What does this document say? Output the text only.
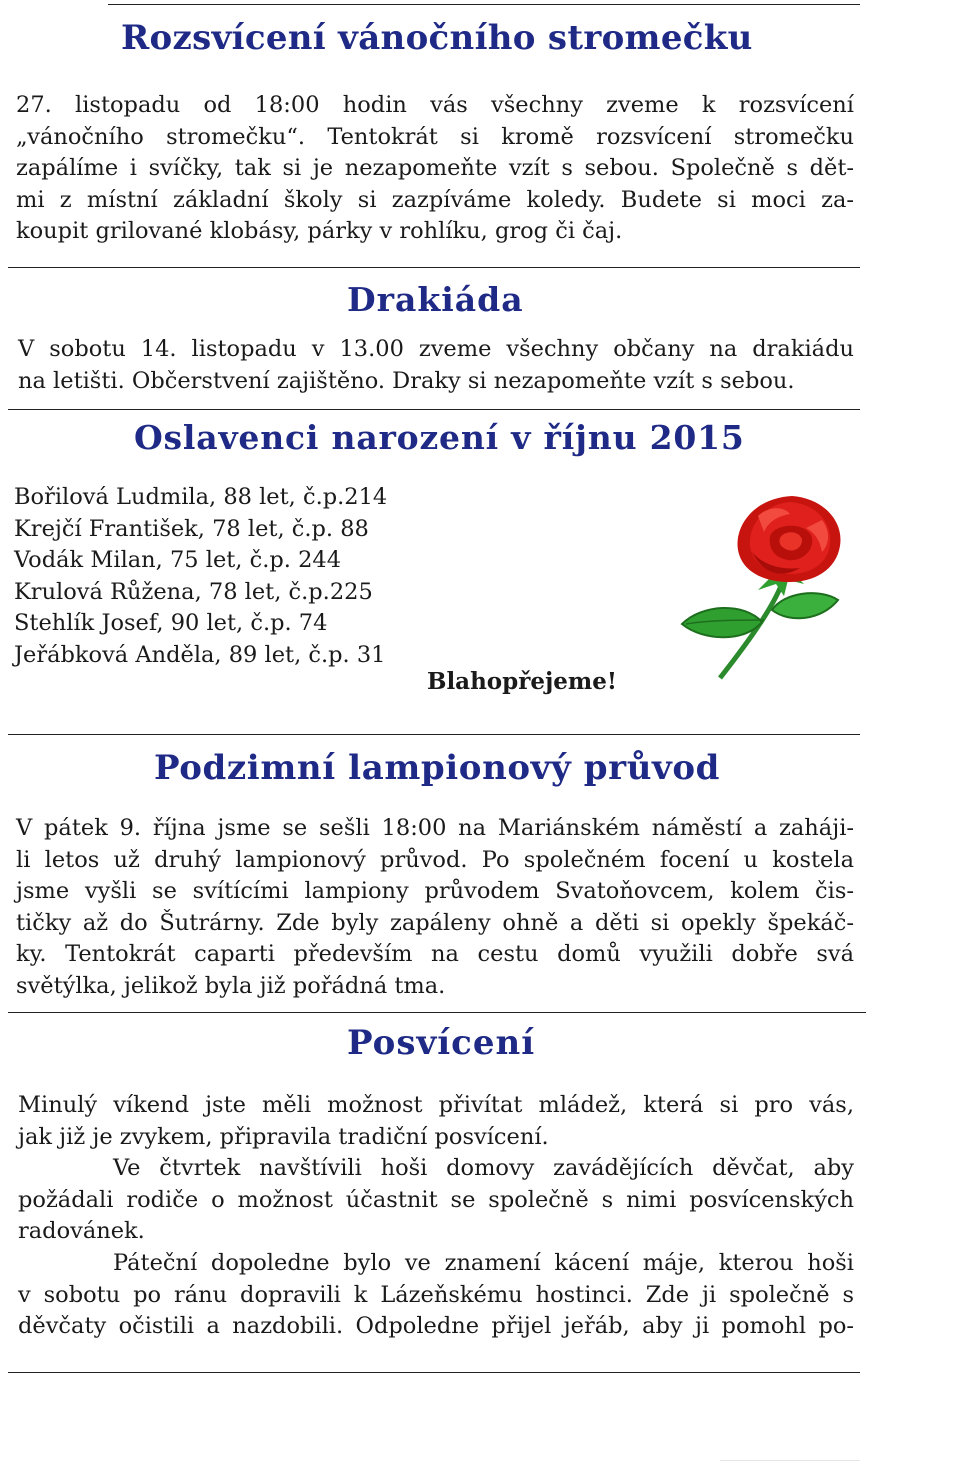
Rozsvícení vánočního stromečku
27. listopadu od 18:00 hodin vás všechny zveme k rozsvícení
„vánočního stromečku“. Tentokrát si kromě rozsvícení stromečku
zapálíme i svíčky, tak si je nezapomeňte vzít s sebou. Společně s dět-
mi z místní základní školy si zazpíváme koledy. Budete si moci za-
koupit grilované klobásy, párky v rohlíku, grog či čaj.
Drakiáda
V sobotu 14. listopadu v 13.00 zveme všechny občany na drakiádu
na letišti. Občerstvení zajištěno. Draky si nezapomeňte vzít s sebou.
Oslavenci narození v říjnu 2015
Bořilová Ludmila, 88 let, č.p.214
Krejčí František, 78 let, č.p. 88
Vodák Milan, 75 let, č.p. 244
Krulová Růžena, 78 let, č.p.225
Stehlík Josef, 90 let, č.p. 74
Jeřábková Anděla, 89 let, č.p. 31
Blahopřejeme!
Podzimní lampionový průvod
V pátek 9. října jsme se sešli 18:00 na Mariánském náměstí a zaháji-
li letos už druhý lampionový průvod. Po společném focení u kostela
jsme vyšli se svítícími lampiony průvodem Svatoňovcem, kolem čis-
tičky až do Šutrárny. Zde byly zapáleny ohně a děti si opekly špekáč-
ky. Tentokrát caparti především na cestu domů využili dobře svá
světýlka, jelikož byla již pořádná tma.
Posvícení
Minulý víkend jste měli možnost přivítat mládež, která si pro vás,
jak již je zvykem, připravila tradiční posvícení.
Ve čtvrtek navštívili hoši domovy zavádějících děvčat, aby
požádali rodiče o možnost účastnit se společně s nimi posvícenských
radovánek.
Páteční dopoledne bylo ve znamení kácení máje, kterou hoši
v sobotu po ránu dopravili k Lázeňskému hostinci. Zde ji společně s
děvčaty očistili a nazdobili. Odpoledne přijel jeřáb, aby ji pomohl po-
